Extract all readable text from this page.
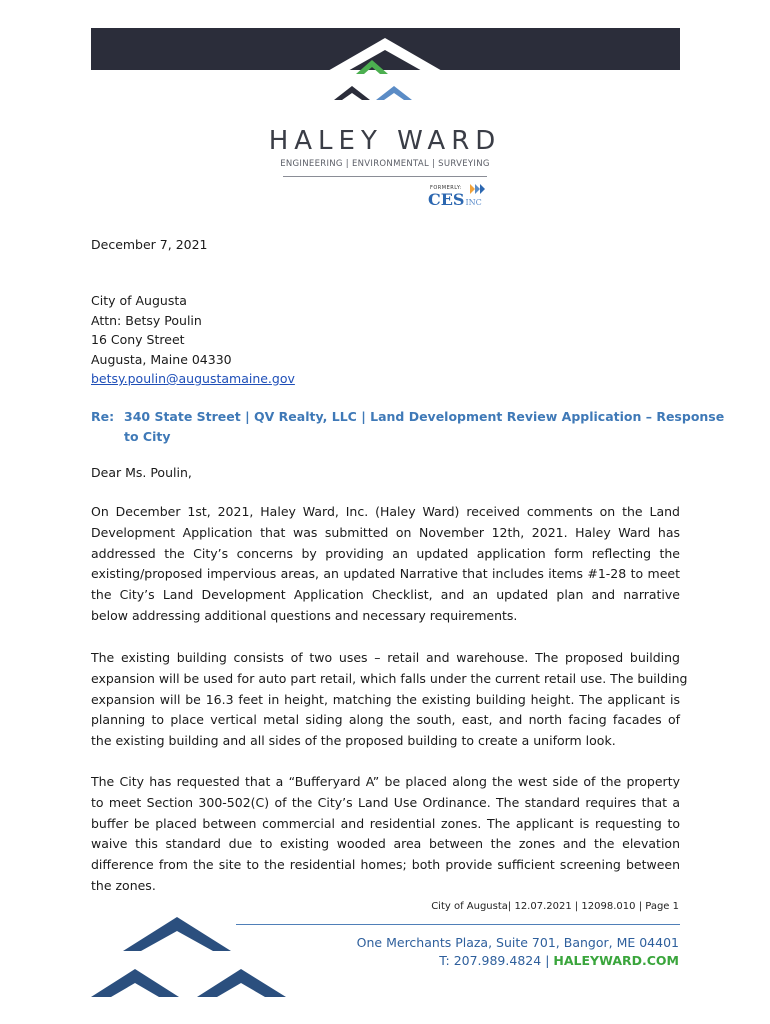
HALEY WARD
ENGINEERING | ENVIRONMENTAL | SURVEYING
FORMERLY:
CESINC
December 7, 2021
City of Augusta
Attn: Betsy Poulin
16 Cony Street
Augusta, Maine 04330
betsy.poulin@augustamaine.gov
Re: 340 State Street | QV Realty, LLC | Land Development Review Application – Response
to City
Dear Ms. Poulin,
On December 1st, 2021, Haley Ward, Inc. (Haley Ward) received comments on the Land
Development Application that was submitted on November 12th, 2021. Haley Ward has
addressed the City’s concerns by providing an updated application form reflecting the
existing/proposed impervious areas, an updated Narrative that includes items #1-28 to meet
the City’s Land Development Application Checklist, and an updated plan and narrative
below addressing additional questions and necessary requirements.
The existing building consists of two uses – retail and warehouse. The proposed building
expansion will be used for auto part retail, which falls under the current retail use. The building
expansion will be 16.3 feet in height, matching the existing building height. The applicant is
planning to place vertical metal siding along the south, east, and north facing facades of
the existing building and all sides of the proposed building to create a uniform look.
The City has requested that a “Bufferyard A” be placed along the west side of the property
to meet Section 300-502(C) of the City’s Land Use Ordinance. The standard requires that a
buffer be placed between commercial and residential zones. The applicant is requesting to
waive this standard due to existing wooded area between the zones and the elevation
difference from the site to the residential homes; both provide sufficient screening between
the zones.
City of Augusta| 12.07.2021 | 12098.010 | Page 1
One Merchants Plaza, Suite 701, Bangor, ME 04401
T: 207.989.4824 | HALEYWARD.COM
